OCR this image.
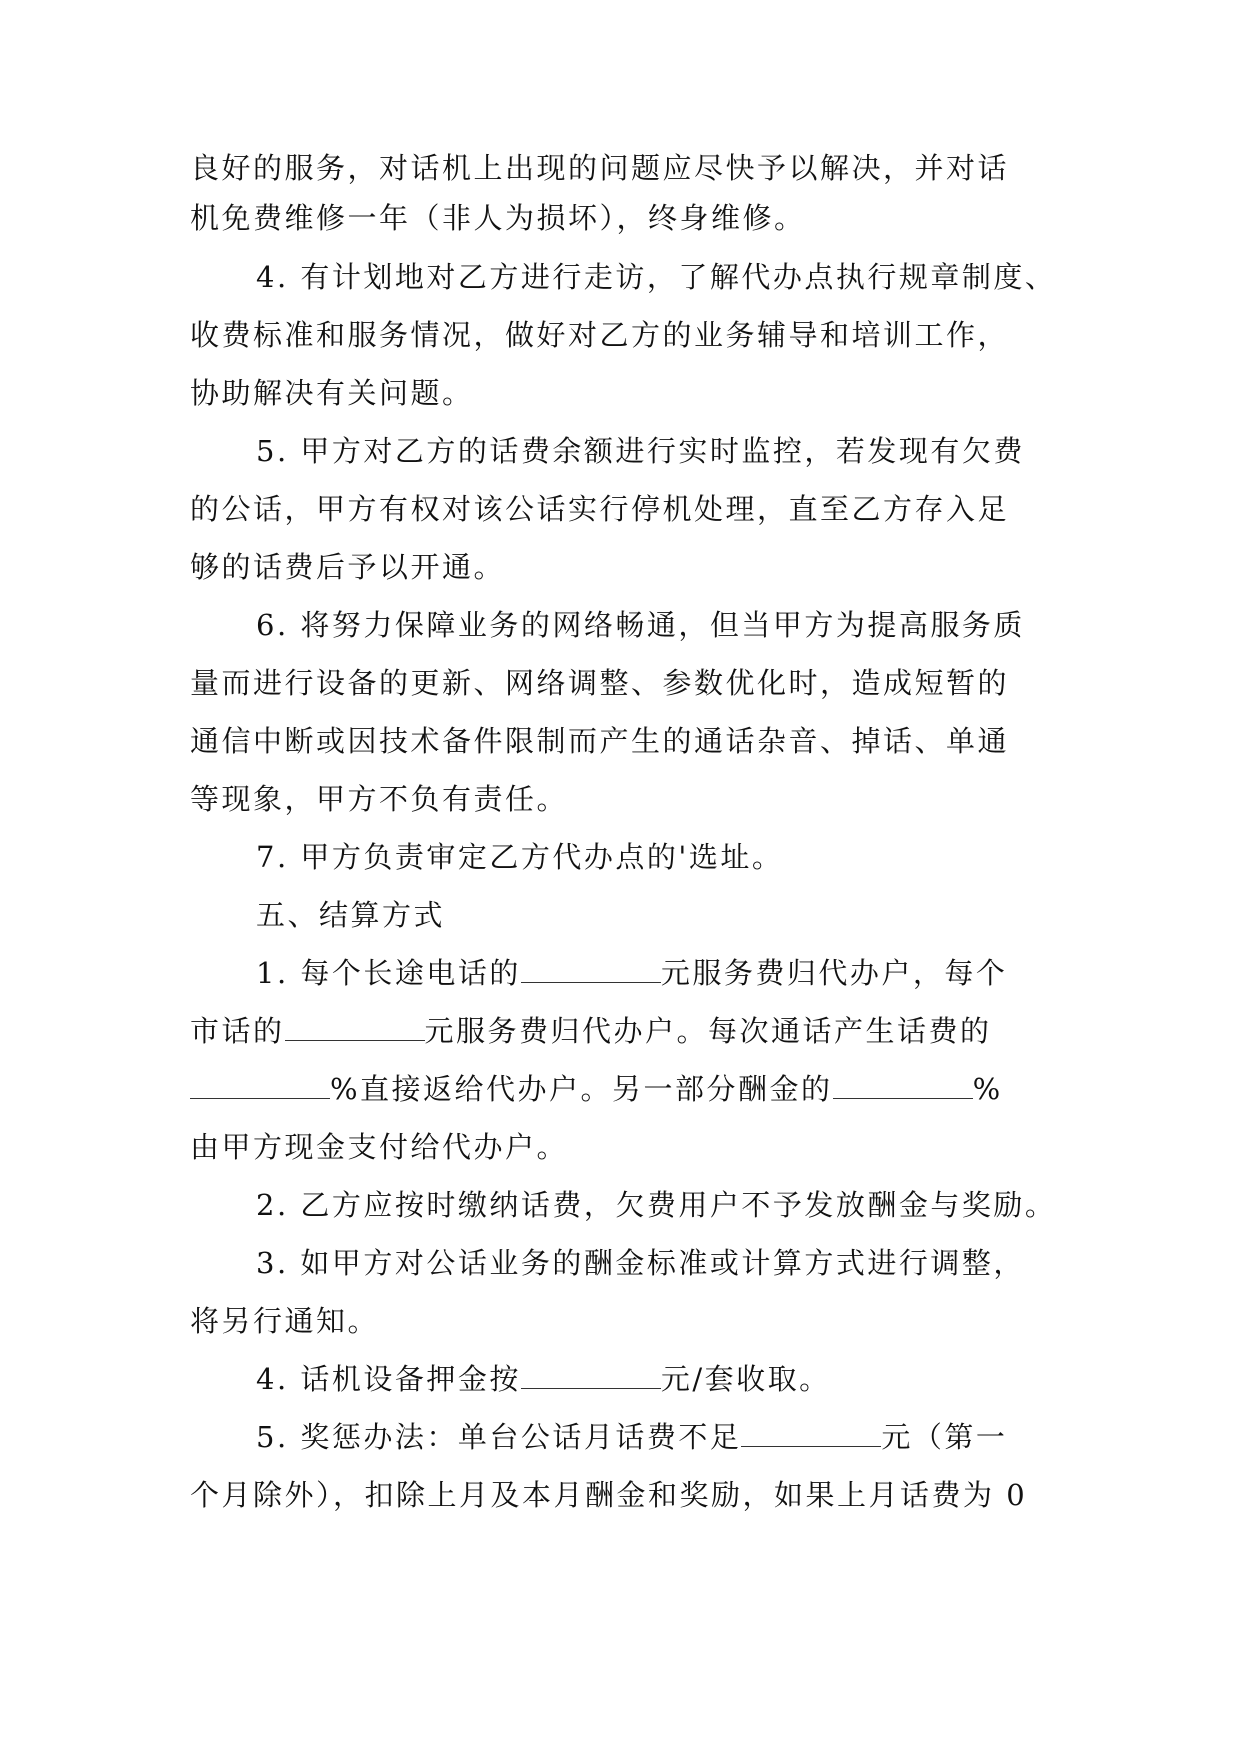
良好的服务，对话机上出现的问题应尽快予以解决，并对话
机免费维修一年（非人为损坏），终身维修。
4. 有计划地对乙方进行走访，了解代办点执行规章制度、
收费标准和服务情况，做好对乙方的业务辅导和培训工作，
协助解决有关问题。
5. 甲方对乙方的话费余额进行实时监控，若发现有欠费
的公话，甲方有权对该公话实行停机处理，直至乙方存入足
够的话费后予以开通。
6. 将努力保障业务的网络畅通，但当甲方为提高服务质
量而进行设备的更新、网络调整、参数优化时，造成短暂的
通信中断或因技术备件限制而产生的通话杂音、掉话、单通
等现象，甲方不负有责任。
7. 甲方负责审定乙方代办点的'选址。
五、结算方式
1. 每个长途电话的	元服务费归代办户，每个
市话的	元服务费归代办户。每次通话产生话费的
%直接返给代办户。另一部分酬金的	%
由甲方现金支付给代办户。
2. 乙方应按时缴纳话费，欠费用户不予发放酬金与奖励。
3. 如甲方对公话业务的酬金标准或计算方式进行调整，
将另行通知。
4. 话机设备押金按	元/套收取。
5. 奖惩办法：单台公话月话费不足	元（第一
个月除外），扣除上月及本月酬金和奖励，如果上月话费为 0
